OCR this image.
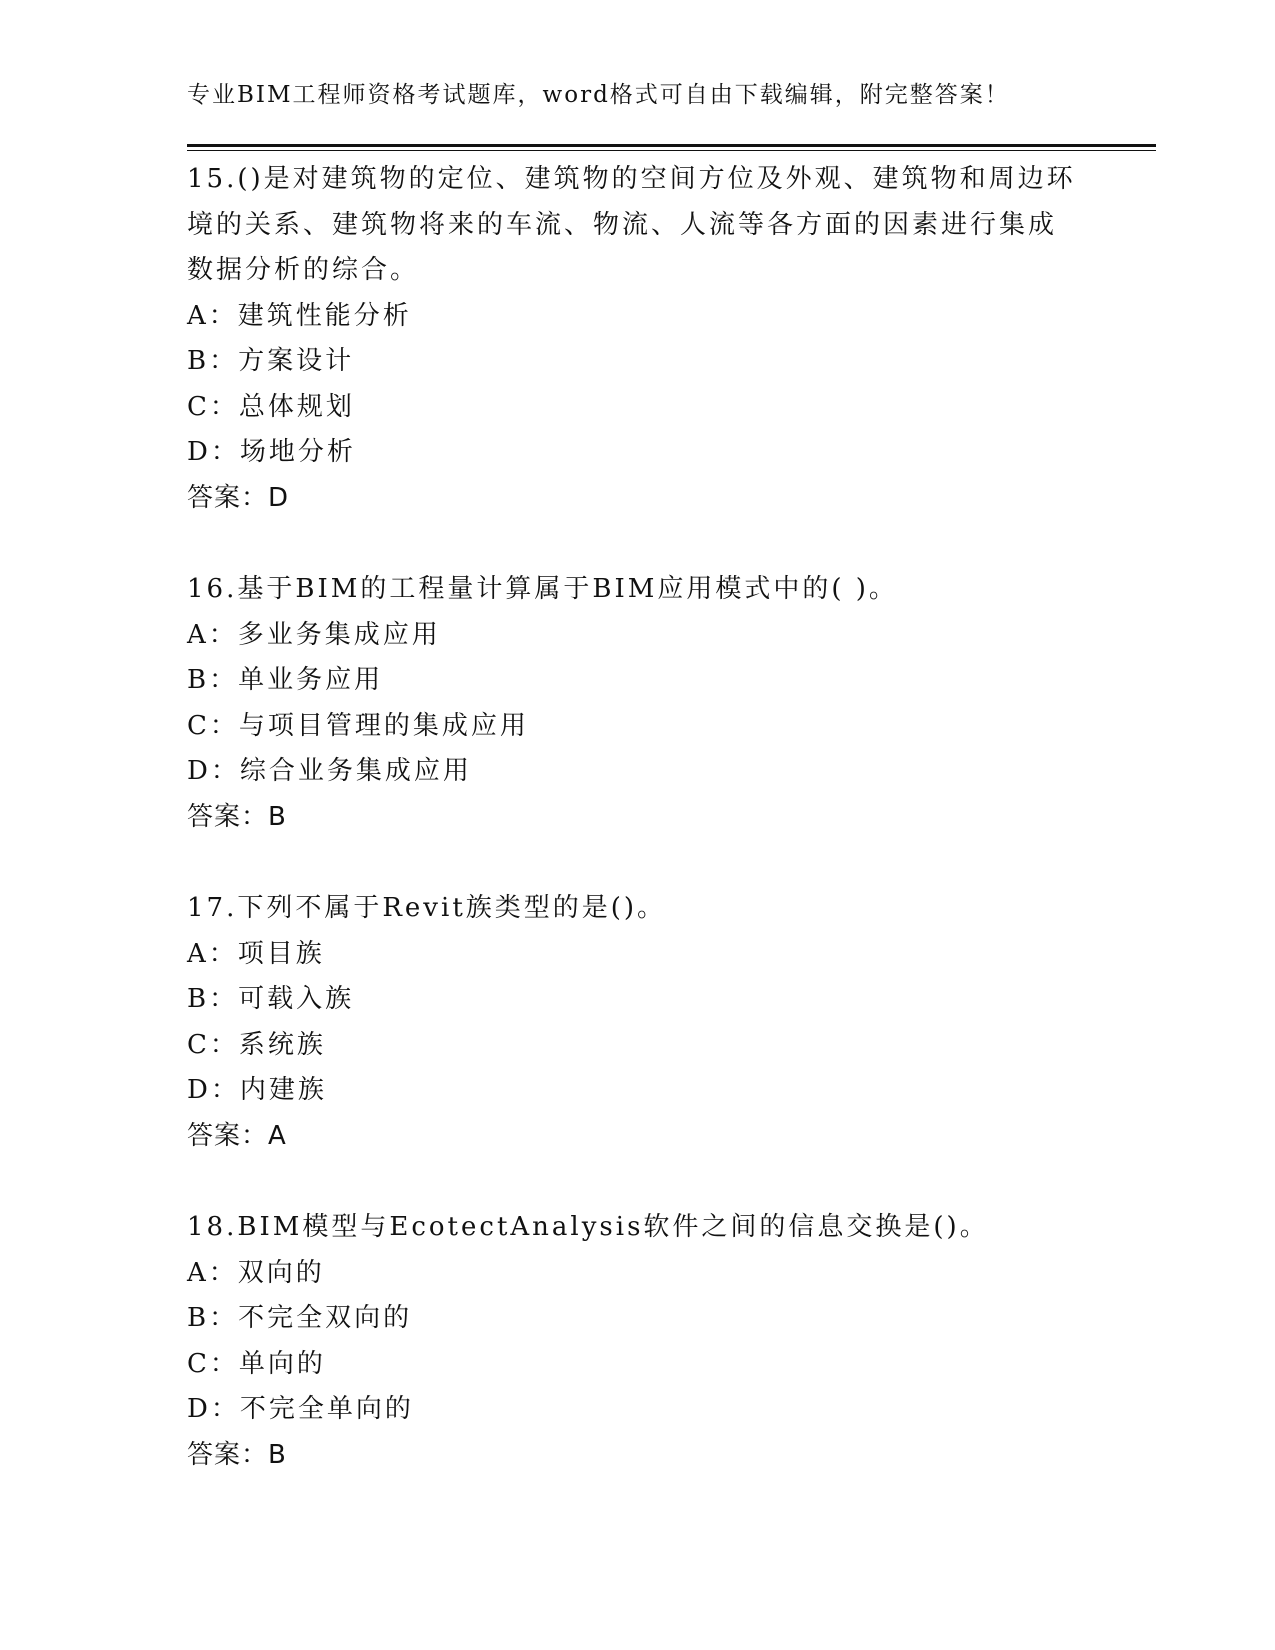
专业BIM工程师资格考试题库，word格式可自由下载编辑，附完整答案！
15.()是对建筑物的定位、建筑物的空间方位及外观、建筑物和周边环
境的关系、建筑物将来的车流、物流、人流等各方面的因素进行集成
数据分析的综合。
A：建筑性能分析
B：方案设计
C：总体规划
D：场地分析
答案：D
16.基于BIM的工程量计算属于BIM应用模式中的( )。
A：多业务集成应用
B：单业务应用
C：与项目管理的集成应用
D：综合业务集成应用
答案：B
17.下列不属于Revit族类型的是()。
A：项目族
B：可载入族
C：系统族
D：内建族
答案：A
18.BIM模型与EcotectAnalysis软件之间的信息交换是()。
A：双向的
B：不完全双向的
C：单向的
D：不完全单向的
答案：B
